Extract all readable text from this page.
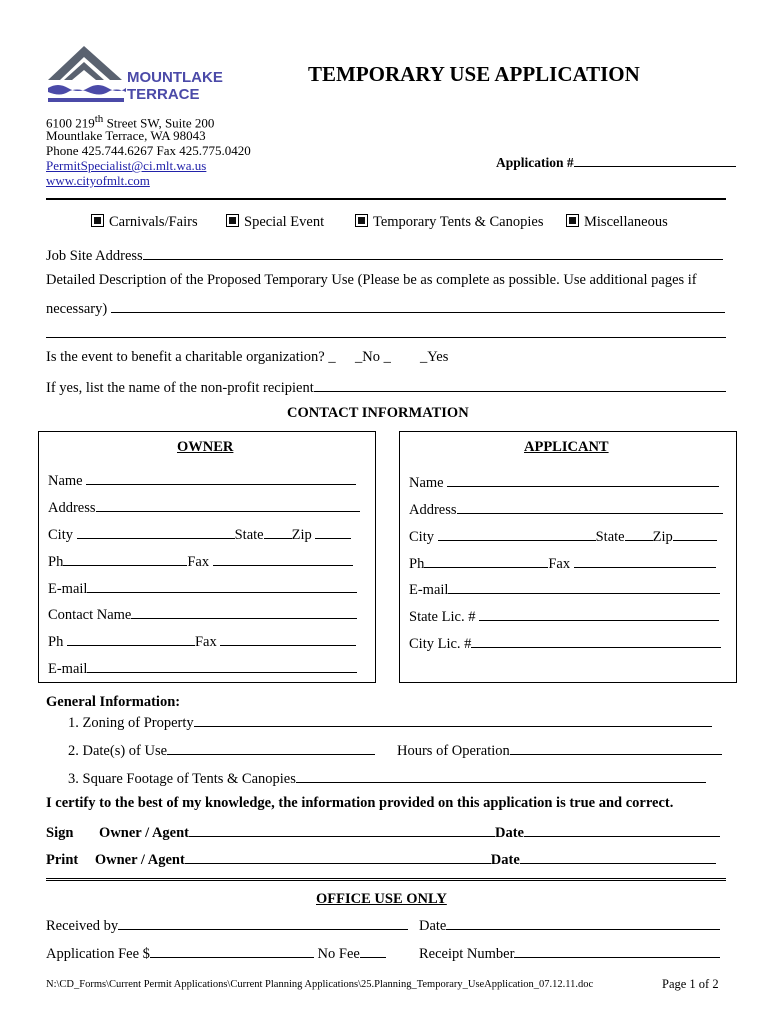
MOUNTLAKE
TERRACE
TEMPORARY USE APPLICATION
6100 219th Street SW, Suite 200
Mountlake Terrace, WA 98043
Phone 425.744.6267 Fax 425.775.0420
PermitSpecialist@ci.mlt.wa.us
www.cityofmlt.com
Application #
Carnivals/Fairs	Special Event	Temporary Tents & Canopies	Miscellaneous
Job Site Address
Detailed Description of the Proposed Temporary Use (Please be as complete as possible. Use additional pages if
necessary)
Is the event to benefit a charitable organization? _ _No _ _Yes
If yes, list the name of the non-profit recipient
CONTACT INFORMATION
OWNER
Name
Address
City	State Zip
Ph	Fax
E-mail
Contact Name
Ph	Fax
E-mail
APPLICANT
Name
Address
City	State Zip
Ph	Fax
E-mail
State Lic. #
City Lic. #
General Information:
1. Zoning of Property
2. Date(s) of Use	Hours of Operation
3. Square Footage of Tents & Canopies
I certify to the best of my knowledge, the information provided on this application is true and correct.
Sign Owner / Agent	Date
Print Owner / Agent	Date
OFFICE USE ONLY
Received by	Date
Application Fee $	No Fee	Receipt Number
N:\CD_Forms\Current Permit Applications\Current Planning Applications\25.Planning_Temporary_UseApplication_07.12.11.doc	Page 1 of 2
